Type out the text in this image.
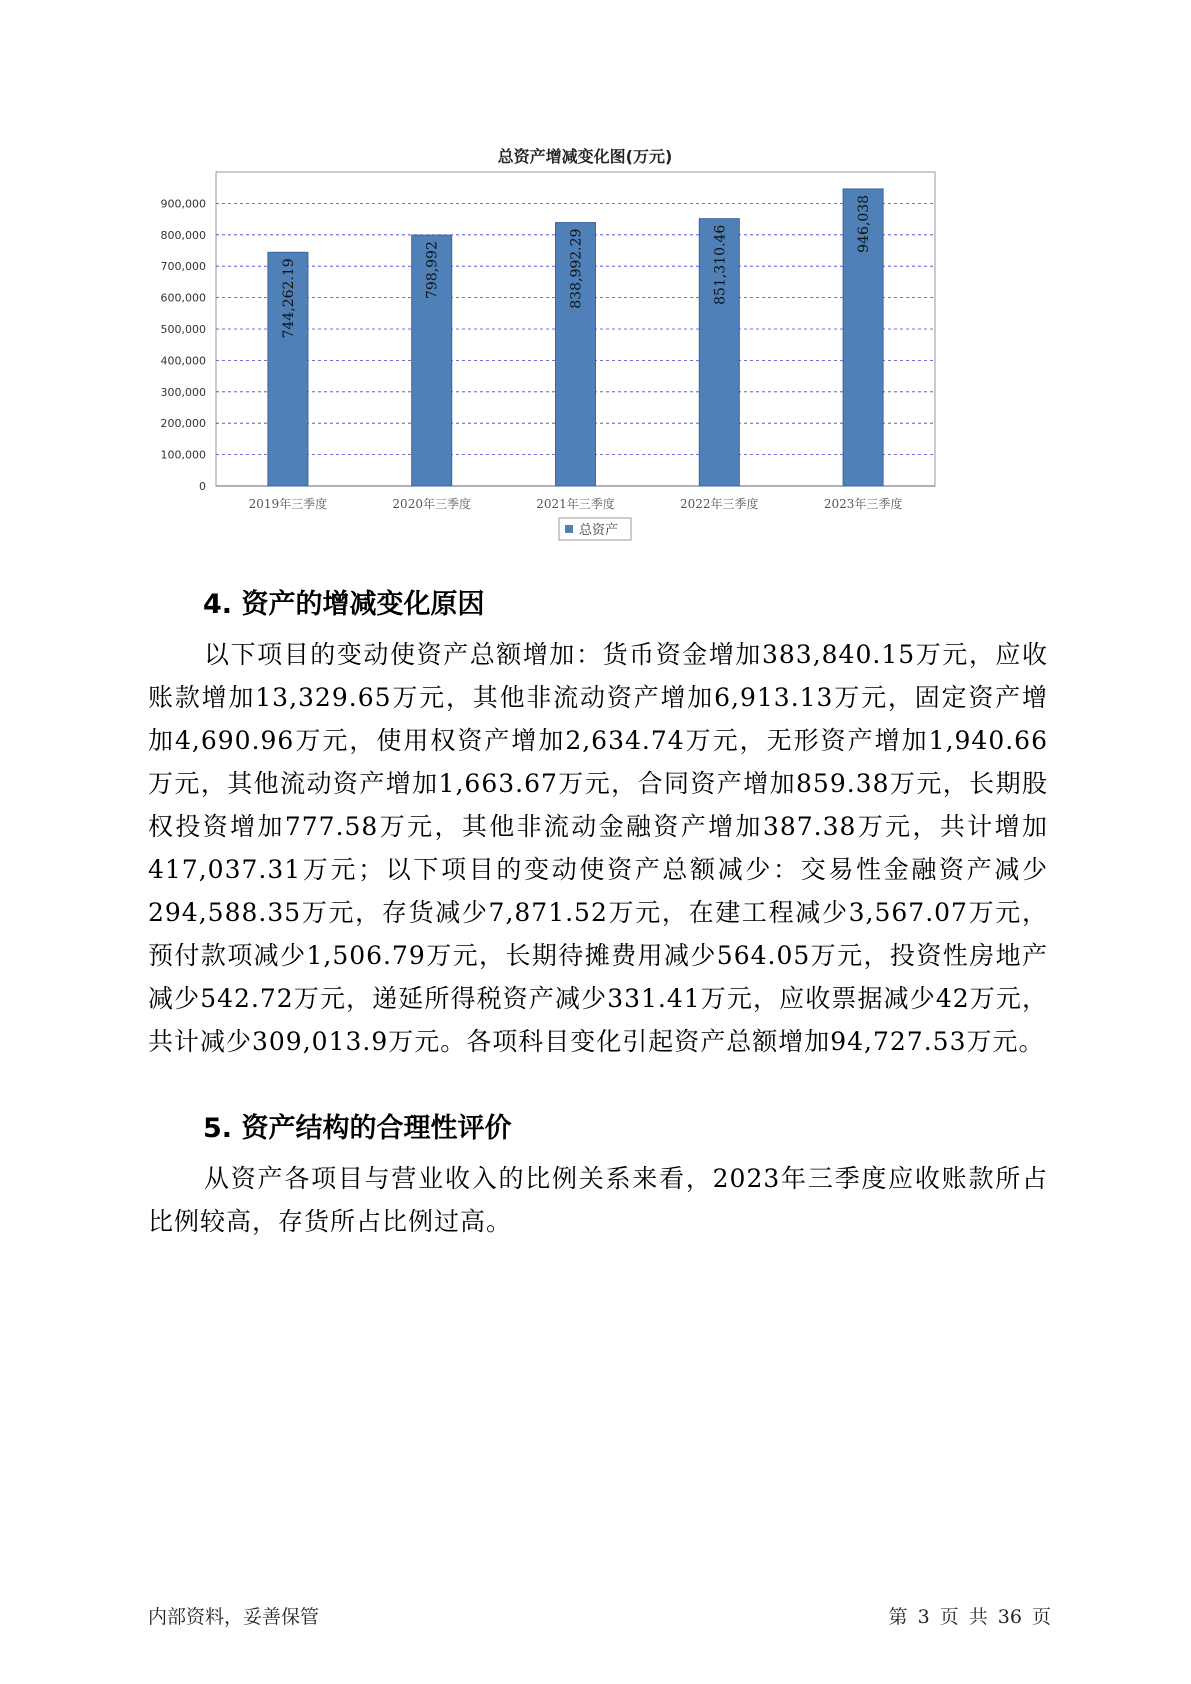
总资产增减变化图(万元)
0
100,000
200,000
300,000
400,000
500,000
600,000
700,000
800,000
900,000
744,262.19
2019年三季度
798,992
2020年三季度
838,992.29
2021年三季度
851,310.46
2022年三季度
946,038
2023年三季度
总资产
4. 资产的增减变化原因

以下项目的变动使资产总额增加：货币资金增加383,840.15万元，应收账款增加13,329.65万元，其他非流动资产增加6,913.13万元，固定资产增加4,690.96万元，使用权资产增加2,634.74万元，无形资产增加1,940.66万元，其他流动资产增加1,663.67万元，合同资产增加859.38万元，长期股权投资增加777.58万元，其他非流动金融资产增加387.38万元，共计增加417,037.31万元；以下项目的变动使资产总额减少：交易性金融资产减少294,588.35万元，存货减少7,871.52万元，在建工程减少3,567.07万元，预付款项减少1,506.79万元，长期待摊费用减少564.05万元，投资性房地产减少542.72万元，递延所得税资产减少331.41万元，应收票据减少42万元，共计减少309,013.9万元。各项科目变化引起资产总额增加94,727.53万元。

5. 资产结构的合理性评价

从资产各项目与营业收入的比例关系来看，2023年三季度应收账款所占比例较高，存货所占比例过高。

内部资料，妥善保管	第 3 页 共 36 页
